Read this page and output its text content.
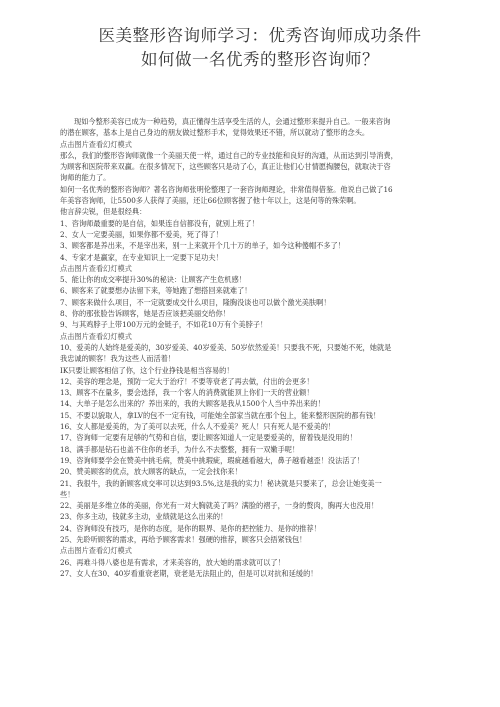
医美整形咨询师学习：优秀咨询师成功条件

如何做一名优秀的整形咨询师？

现如今整形美容已成为一种趋势，真正懂得生活享受生活的人，会通过整形来提升自己。一般来咨询
的潜在顾客，基本上是自己身边的朋友做过整形手术，觉得效果还不错，所以就动了整形的念头。
点击图片查看幻灯模式
那么，我们的整形咨询师就像一个美丽天使一样，通过自己的专业技能和良好的沟通，从而达到引导消费，
为顾客和医院带来双赢。在很多情况下，这些顾客只是动了心，真正让他们心甘情愿掏腰包，就取决于咨
询师的能力了。
如何一名优秀的整形咨询师？著名咨询师张明伦整理了一套咨询师理论，非常值得借鉴。他说自己做了16
年美容咨询师，让5500多人获得了美丽，还让66位顾客握了他十年以上，这是何等的殊荣啊。
他言辞尖锐，但是很经典：
1、咨询师最重要的是自信，如果连自信都没有，就别上班了！
2、女人一定要美丽，如果你都不爱美，死了得了！
3、顾客都是养出来，不是宰出来，别一上来就开个几十万的单子，如今这种傻帽不多了！
4、专家才是赢家，在专业知识上一定要下足功夫！
点击图片查看幻灯模式
5、能让你的成交率提升30%的秘诀：让顾客产生危机感！
6、顾客来了就要想办法留下来，等她跑了想搭回来就难了！
7、顾客来做什么项目，不一定就要成交什么项目，隆胸没谈也可以做个激光美肤啊！
8、你的那张脸告诉顾客，她是否应该把美丽交给你！
9、与其鸡脖子上带100万元的金链子，不如花10万有个美脖子！
点击图片查看幻灯模式
10、爱美的人始终是爱美的，30岁爱美、40岁爱美、50岁依然爱美！只要我不死，只要她不死，她就是
我忠诚的顾客！我为这些人而活着！
IK只要让顾客相信了你，这个行业挣钱是相当容易的！
12、美容的理念是，预防一定大于治疗！不要等衰老了再去做，付出的会更多！
13、顾客不在量多，要会选择，我一个客人的消费就能顶上你们一天的营业额！
14、大单子是怎么出来的？养出来的，我的大顾客是我从1500个人当中养出来的！
15、不要以貌取人，拿LV的包不一定有钱，可能她全部家当就在那个包上，能来整形医院的都有钱！
16、女人都是爱美的，为了美可以去死，什么人不爱美？死人！只有死人是不爱美的！
17、咨询师一定要有足够的气势和自信，要让顾客知道人一定是要爱美的，留着钱是没用的！
18、满手都是钻石也盖不住你的老手，为什么不去整整，拥有一双嫩手呢！
19、咨询师要学会在赞美中挑毛病，赞美中挑瑕疵，瑕疵越看越大，鼻子越看越歪！没法活了！
20、赞美顾客的优点，放大顾客的缺点，一定会找你来！
21、我很牛，我的新顾客成交率可以达到93.5%,这是我的实力！秘诀就是只要来了，总会让她变美一
些！
22、美丽是多维立体的美丽，你光有一对大胸就美了吗？满脸的褶子，一身的赘肉，胸再大也没用！
23、你多主动，钱就多主动，业绩就是这么出来的！
24、咨询师没有技巧，是你的态度，是你的眼界、是你的把控能力、是你的推荐！
25、先聆听顾客的需求，再给予顾客需求！强硬的推荐，顾客只会捂紧钱包！
点击图片查看幻灯模式
26、再难斗得八婆也是有需求，才来美容的，放大她的需求就可以了！
27、女人在30、40岁看重衰老期，衰老是无法阻止的，但是可以对抗和延缓的！
